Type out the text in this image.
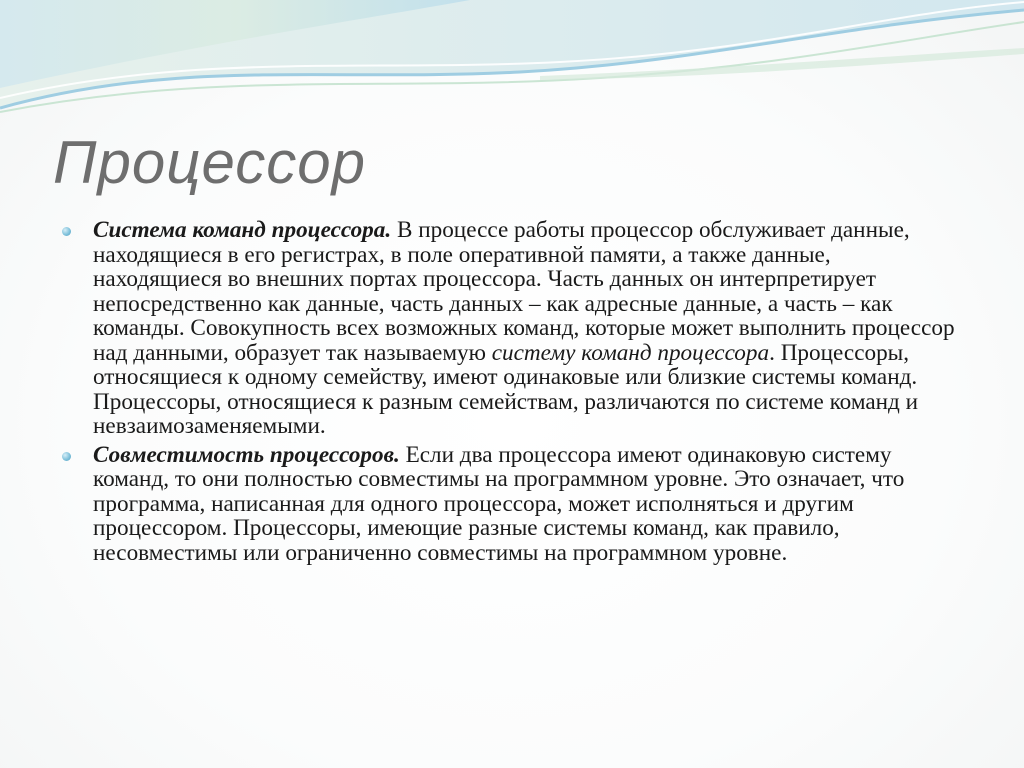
Процессор
Система команд процессора. В процессе работы процессор обслуживает данные, находящиеся в его регистрах, в поле оперативной памяти, а также данные, находящиеся во внешних портах процессора. Часть данных он интерпретирует непосредственно как данные, часть данных – как адресные данные, а часть – как команды. Совокупность всех возможных команд, которые может выполнить процессор над данными, образует так называемую систему команд процессора. Процессоры, относящиеся к одному семейству, имеют одинаковые или близкие системы команд. Процессоры, относящиеся к разным семействам, различаются по системе команд и невзаимозаменяемыми.
Совместимость процессоров. Если два процессора имеют одинаковую систему команд, то они полностью совместимы на программном уровне. Это означает, что программа, написанная для одного процессора, может исполняться и другим процессором. Процессоры, имеющие разные системы команд, как правило, несовместимы или ограниченно совместимы на программном уровне.
